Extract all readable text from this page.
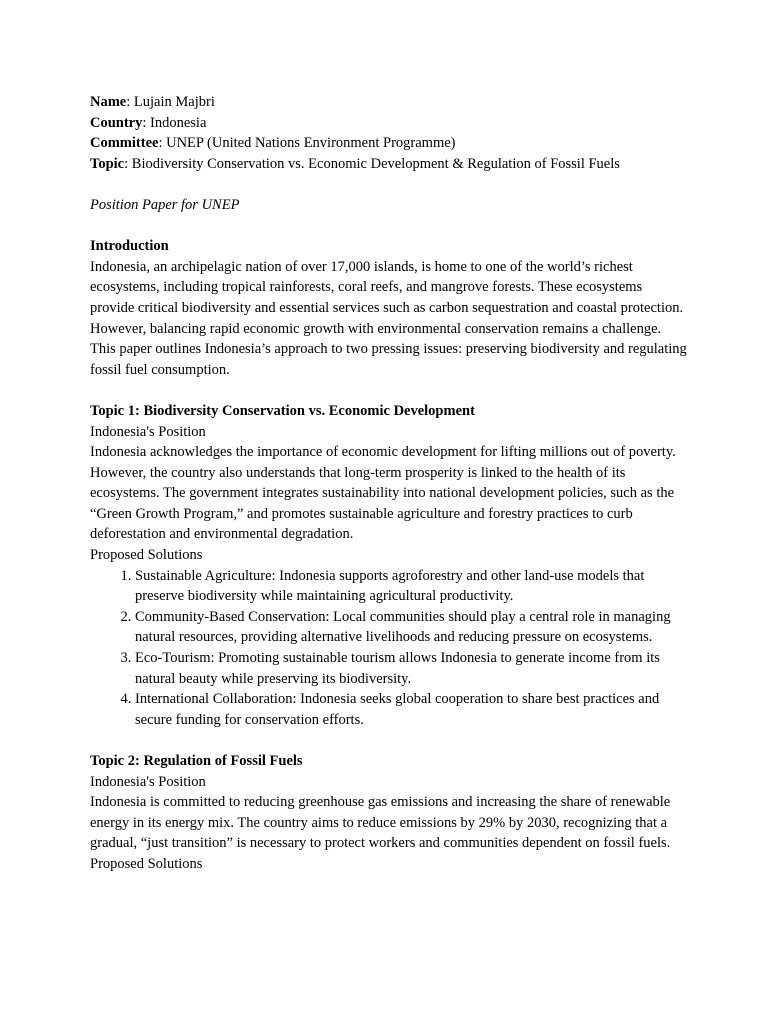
Name: Lujain Majbri
Country: Indonesia
Committee: UNEP (United Nations Environment Programme)
Topic: Biodiversity Conservation vs. Economic Development & Regulation of Fossil Fuels
Position Paper for UNEP
Introduction

Indonesia, an archipelagic nation of over 17,000 islands, is home to one of the world’s richest ecosystems, including tropical rainforests, coral reefs, and mangrove forests. These ecosystems provide critical biodiversity and essential services such as carbon sequestration and coastal protection. However, balancing rapid economic growth with environmental conservation remains a challenge. This paper outlines Indonesia’s approach to two pressing issues: preserving biodiversity and regulating fossil fuel consumption.

Topic 1: Biodiversity Conservation vs. Economic Development
Indonesia's Position

Indonesia acknowledges the importance of economic development for lifting millions out of poverty. However, the country also understands that long-term prosperity is linked to the health of its ecosystems. The government integrates sustainability into national development policies, such as the “Green Growth Program,” and promotes sustainable agriculture and forestry practices to curb deforestation and environmental degradation.

Proposed Solutions
1. Sustainable Agriculture: Indonesia supports agroforestry and other land-use models that preserve biodiversity while maintaining agricultural productivity.
2. Community-Based Conservation: Local communities should play a central role in managing natural resources, providing alternative livelihoods and reducing pressure on ecosystems.
3. Eco-Tourism: Promoting sustainable tourism allows Indonesia to generate income from its natural beauty while preserving its biodiversity.
4. International Collaboration: Indonesia seeks global cooperation to share best practices and secure funding for conservation efforts.
Topic 2: Regulation of Fossil Fuels
Indonesia's Position

Indonesia is committed to reducing greenhouse gas emissions and increasing the share of renewable energy in its energy mix. The country aims to reduce emissions by 29% by 2030, recognizing that a gradual, “just transition” is necessary to protect workers and communities dependent on fossil fuels.

Proposed Solutions
